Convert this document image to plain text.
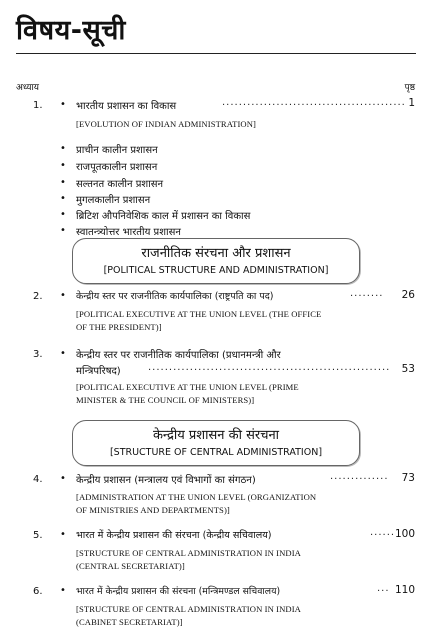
विषय-सूची
अध्याय	पृष्ठ
1. • भारतीय प्रशासन का विकास	............................................ 1
[EVOLUTION OF INDIAN ADMINISTRATION]
• प्राचीन कालीन प्रशासन
• राजपूतकालीन प्रशासन
• सल्तनत कालीन प्रशासन
• मुगलकालीन प्रशासन
• ब्रिटिश औपनिवेशिक काल में प्रशासन का विकास
• स्वातन्त्र्योत्तर भारतीय प्रशासन
राजनीतिक संरचना और प्रशासन
[POLITICAL STRUCTURE AND ADMINISTRATION]
2. • केन्द्रीय स्तर पर राजनीतिक कार्यपालिका (राष्ट्रपति का पद)	........ 26
[POLITICAL EXECUTIVE AT THE UNION LEVEL (THE OFFICE
OF THE PRESIDENT)]
3. • केन्द्रीय स्तर पर राजनीतिक कार्यपालिका (प्रधानमन्त्री और
मन्त्रिपरिषद)	.......................................................... 53
[POLITICAL EXECUTIVE AT THE UNION LEVEL (PRIME
MINISTER & THE COUNCIL OF MINISTERS)]
केन्द्रीय प्रशासन की संरचना
[STRUCTURE OF CENTRAL ADMINISTRATION]
4. • केन्द्रीय प्रशासन (मन्त्रालय एवं विभागों का संगठन)	.............. 73
[ADMINISTRATION AT THE UNION LEVEL (ORGANIZATION
OF MINISTRIES AND DEPARTMENTS)]
5. • भारत में केन्द्रीय प्रशासन की संरचना (केन्द्रीय सचिवालय)	...... 100
[STRUCTURE OF CENTRAL ADMINISTRATION IN INDIA
(CENTRAL SECRETARIAT)]
6. • भारत में केन्द्रीय प्रशासन की संरचना (मन्त्रिमण्डल सचिवालय)	... 110
[STRUCTURE OF CENTRAL ADMINISTRATION IN INDIA
(CABINET SECRETARIAT)]
